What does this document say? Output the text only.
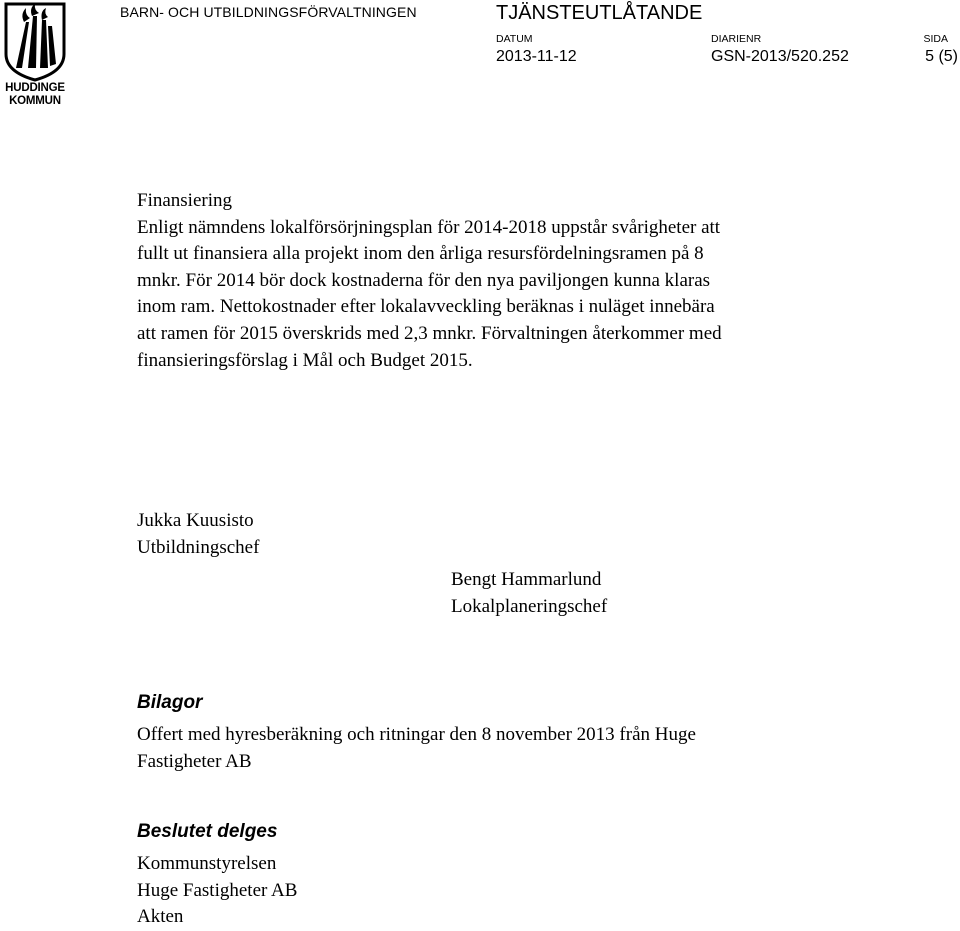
HUDDINGE
KOMMUN
BARN- OCH UTBILDNINGSFÖRVALTNINGEN	TJÄNSTEUTLÅTANDE
DATUM	DIARIENR	SIDA
2013-11-12	GSN-2013/520.252	5 (5)

Finansiering

Enligt nämndens lokalförsörjningsplan för 2014-2018 uppstår svårigheter att

fullt ut finansiera alla projekt inom den årliga resursfördelningsramen på 8

mnkr. För 2014 bör dock kostnaderna för den nya paviljongen kunna klaras

inom ram. Nettokostnader efter lokalavveckling beräknas i nuläget innebära

att ramen för 2015 överskrids med 2,3 mnkr. Förvaltningen återkommer med

finansieringsförslag i Mål och Budget 2015.

Jukka Kuusisto
Utbildningschef
Bengt Hammarlund
Lokalplaneringschef
Bilagor
Offert med hyresberäkning och ritningar den 8 november 2013 från Huge
Fastigheter AB
Beslutet delges
Kommunstyrelsen
Huge Fastigheter AB
Akten
